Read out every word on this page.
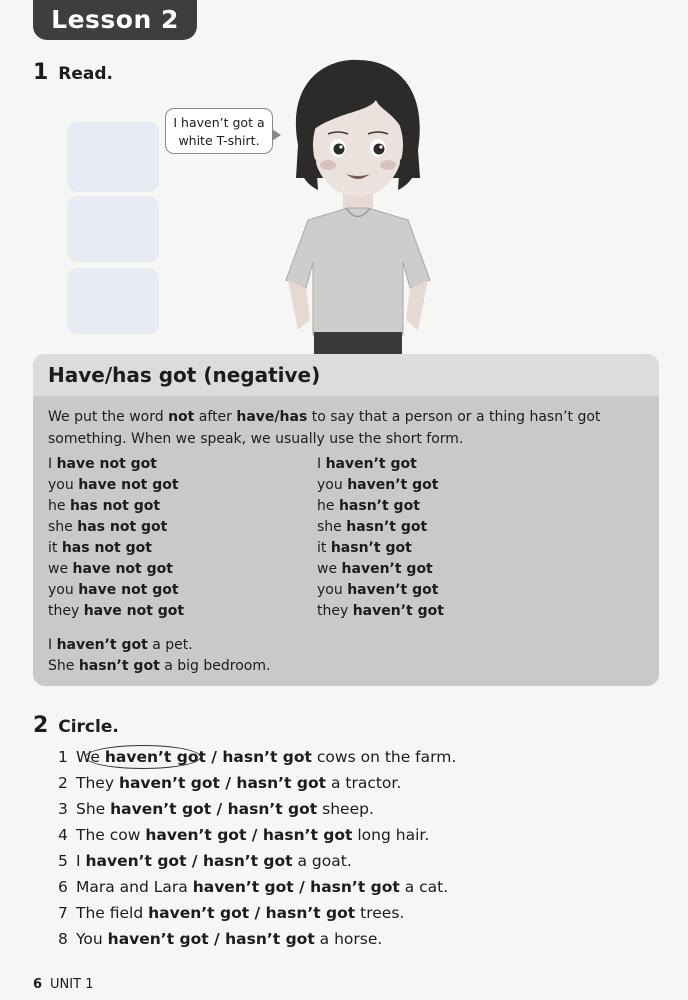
Lesson 2
1 Read.
I haven’t got a
white T-shirt.
Have/has got (negative)
We put the word not after have/has to say that a person or a thing hasn’t got something. When we speak, we usually use the short form.
I have not got
you have not got
he has not got
she has not got
it has not got
we have not got
you have not got
they have not got
I haven’t got
you haven’t got
he hasn’t got
she hasn’t got
it hasn’t got
we haven’t got
you haven’t got
they haven’t got
I haven’t got a pet.
She hasn’t got a big bedroom.
2 Circle.
1 We haven’t got / hasn’t got cows on the farm.
2 They haven’t got / hasn’t got a tractor.
3 She haven’t got / hasn’t got sheep.
4 The cow haven’t got / hasn’t got long hair.
5 I haven’t got / hasn’t got a goat.
6 Mara and Lara haven’t got / hasn’t got a cat.
7 The field haven’t got / hasn’t got trees.
8 You haven’t got / hasn’t got a horse.
6 UNIT 1
